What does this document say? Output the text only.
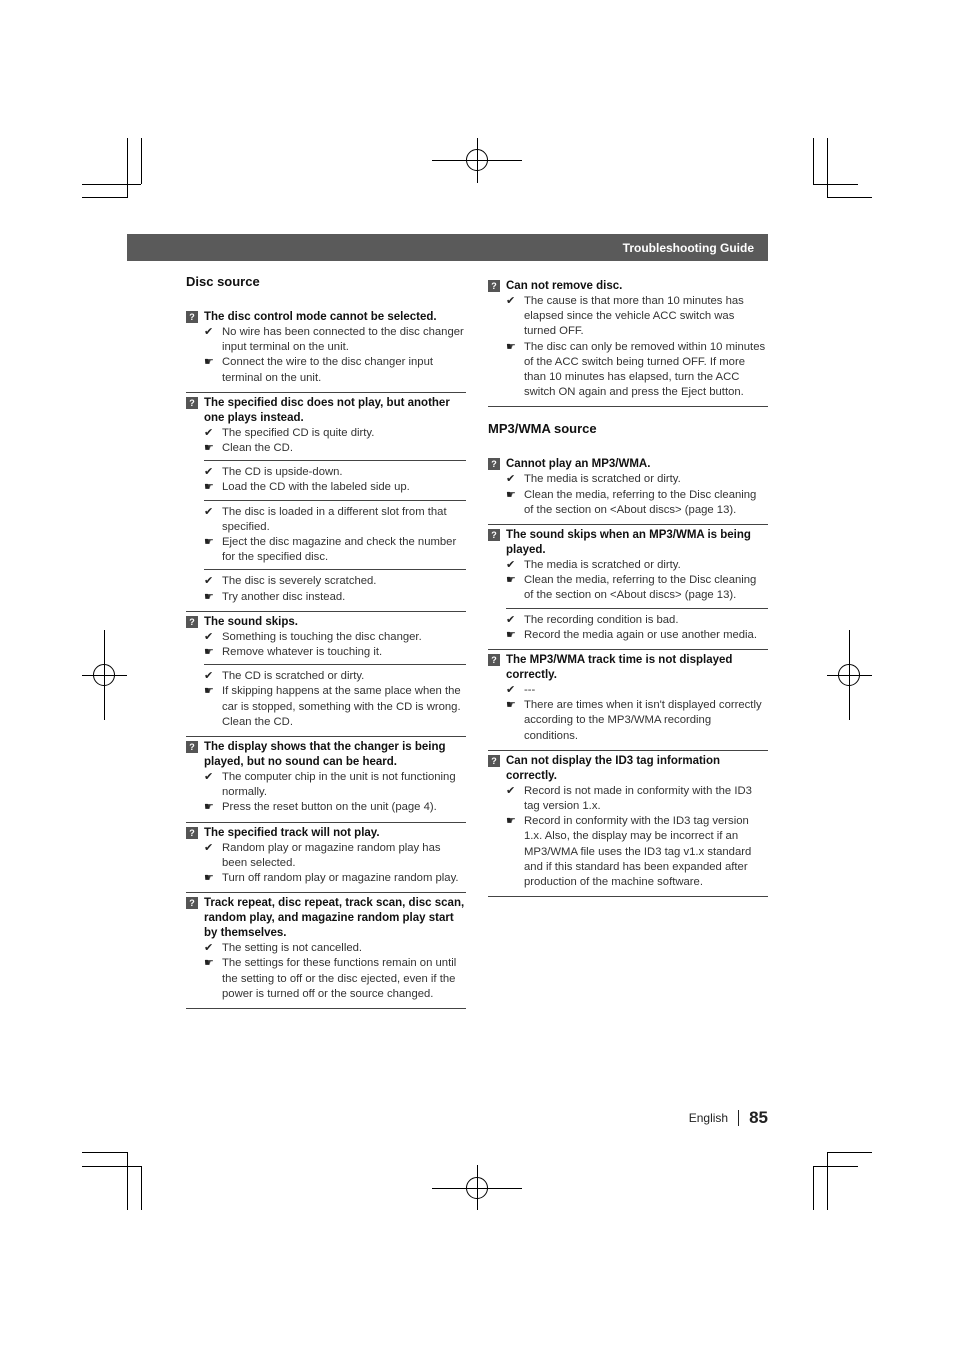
Troubleshooting Guide
Disc source
? The disc control mode cannot be selected.
✔ No wire has been connected to the disc changer input terminal on the unit.
☛ Connect the wire to the disc changer input terminal on the unit.
? The specified disc does not play, but another one plays instead.
✔ The specified CD is quite dirty.
☛ Clean the CD.
✔ The CD is upside-down.
☛ Load the CD with the labeled side up.
✔ The disc is loaded in a different slot from that specified.
☛ Eject the disc magazine and check the number for the specified disc.
✔ The disc is severely scratched.
☛ Try another disc instead.
? The sound skips.
✔ Something is touching the disc changer.
☛ Remove whatever is touching it.
✔ The CD is scratched or dirty.
☛ If skipping happens at the same place when the car is stopped, something with the CD is wrong. Clean the CD.
? The display shows that the changer is being played, but no sound can be heard.
✔ The computer chip in the unit is not functioning normally.
☛ Press the reset button on the unit (page 4).
? The specified track will not play.
✔ Random play or magazine random play has been selected.
☛ Turn off random play or magazine random play.
? Track repeat, disc repeat, track scan, disc scan, random play, and magazine random play start by themselves.
✔ The setting is not cancelled.
☛ The settings for these functions remain on until the setting to off or the disc ejected, even if the power is turned off or the source changed.
? Can not remove disc.
✔ The cause is that more than 10 minutes has elapsed since the vehicle ACC switch was turned OFF.
☛ The disc can only be removed within 10 minutes of the ACC switch being turned OFF. If more than 10 minutes has elapsed, turn the ACC switch ON again and press the Eject button.
MP3/WMA source
? Cannot play an MP3/WMA.
✔ The media is scratched or dirty.
☛ Clean the media, referring to the Disc cleaning of the section on <About discs> (page 13).
? The sound skips when an MP3/WMA is being played.
✔ The media is scratched or dirty.
☛ Clean the media, referring to the Disc cleaning of the section on <About discs> (page 13).
✔ The recording condition is bad.
☛ Record the media again or use another media.
? The MP3/WMA track time is not displayed correctly.
✔ ---
☛ There are times when it isn't displayed correctly according to the MP3/WMA recording conditions.
? Can not display the ID3 tag information correctly.
✔ Record is not made in conformity with the ID3 tag version 1.x.
☛ Record in conformity with the ID3 tag version 1.x. Also, the display may be incorrect if an MP3/WMA file uses the ID3 tag v1.x standard and if this standard has been expanded after production of the machine software.
English 85
